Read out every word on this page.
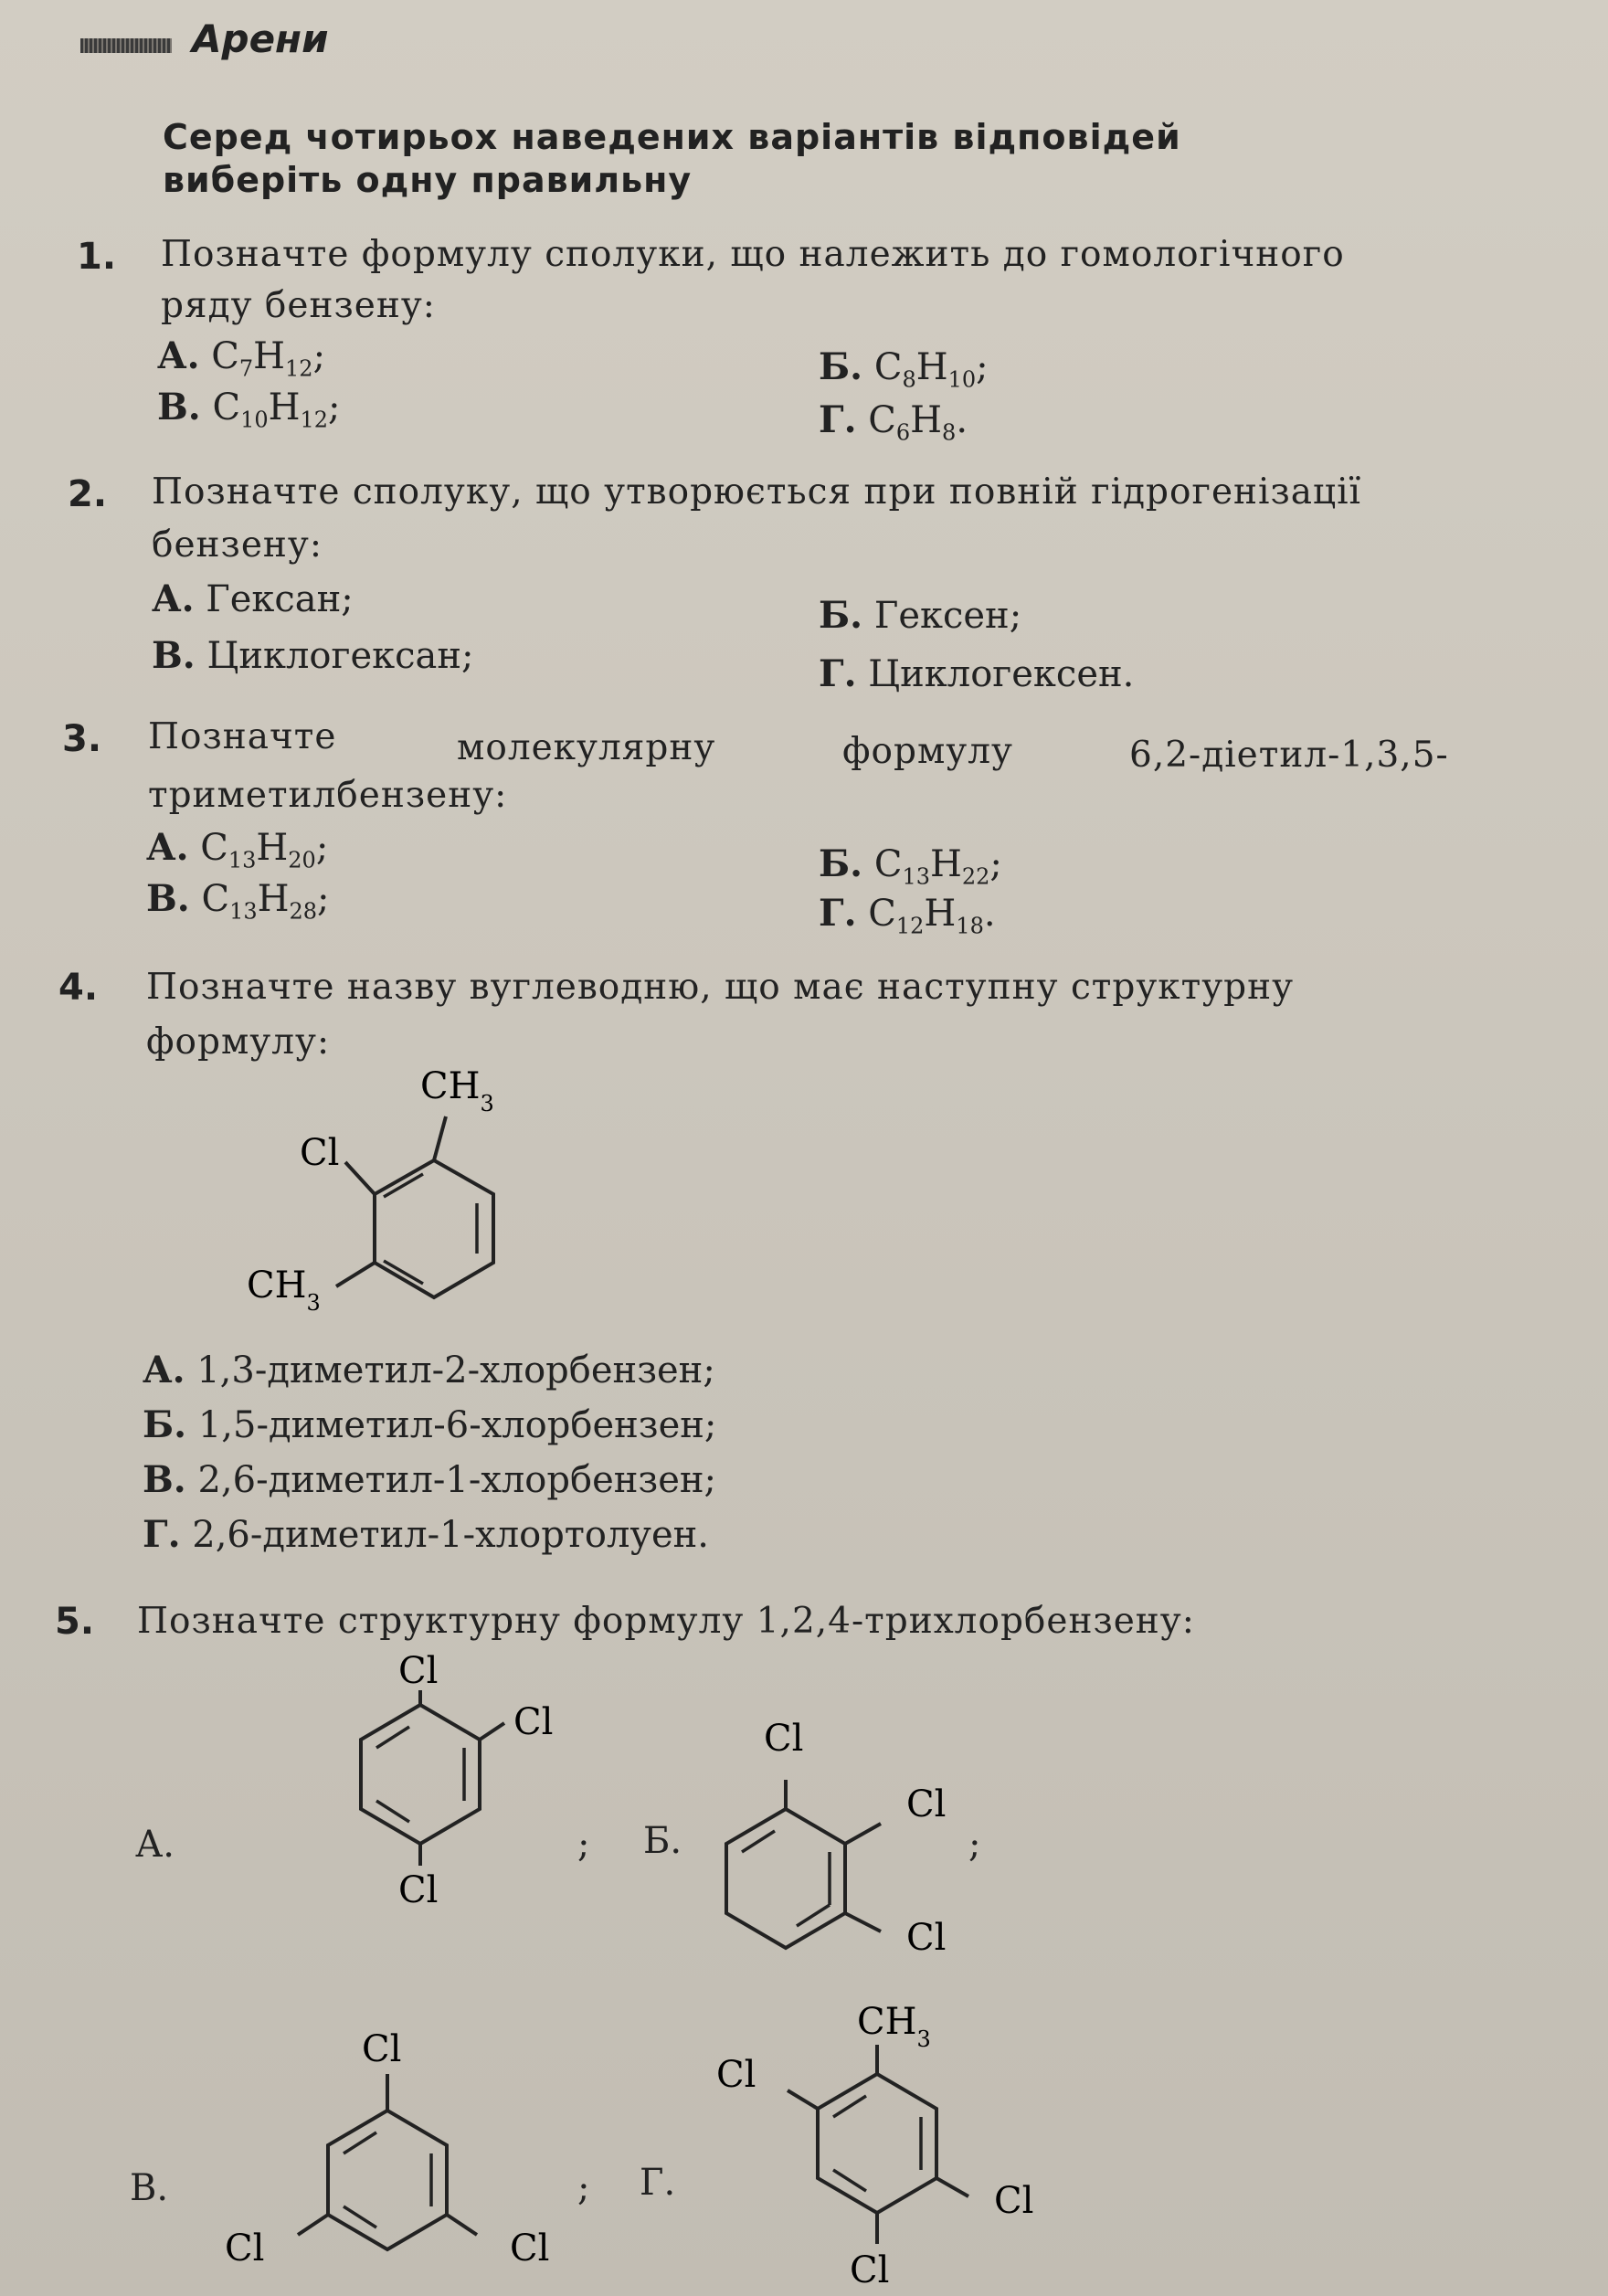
Арени
Серед чотирьох наведених варіантів відповідей
виберіть одну правильну
1. Позначте формулу сполуки, що належить до гомологічного
ряду бензену:
А. $C_7H_{12}$;	Б. $C_8H_{10}$;
В. $C_{10}H_{12}$;	Г. $C_6H_8$.
2. Позначте сполуку, що утворюється при повній гідрогенізації
бензену:
А. Гексан;	Б. Гексен;
В. Циклогексан;	Г. Циклогексен.
3. Позначте	молекулярну	формулу	6,2-діетил-1,3,5-
триметилбензену:
А. $C_{13}H_{20}$;	Б. $C_{13}H_{22}$;
В. $C_{13}H_{28}$;	Г. $C_{12}H_{18}$.
4. Позначте назву вуглеводню, що має наступну структурну
формулу:
$CH_3$
Cl
$CH_3$
А. 1,3-диметил-2-хлорбензен;
Б. 1,5-диметил-6-хлорбензен;
В. 2,6-диметил-1-хлорбензен;
Г. 2,6-диметил-1-хлортолуен.
5. Позначте структурну формулу 1,2,4-трихлорбензену:
А.
Cl
Cl
Cl
; Б.
Cl
Cl
Cl
;
В.
Cl
Cl	Cl
; Г.
$CH_3$
Cl
Cl
Cl
